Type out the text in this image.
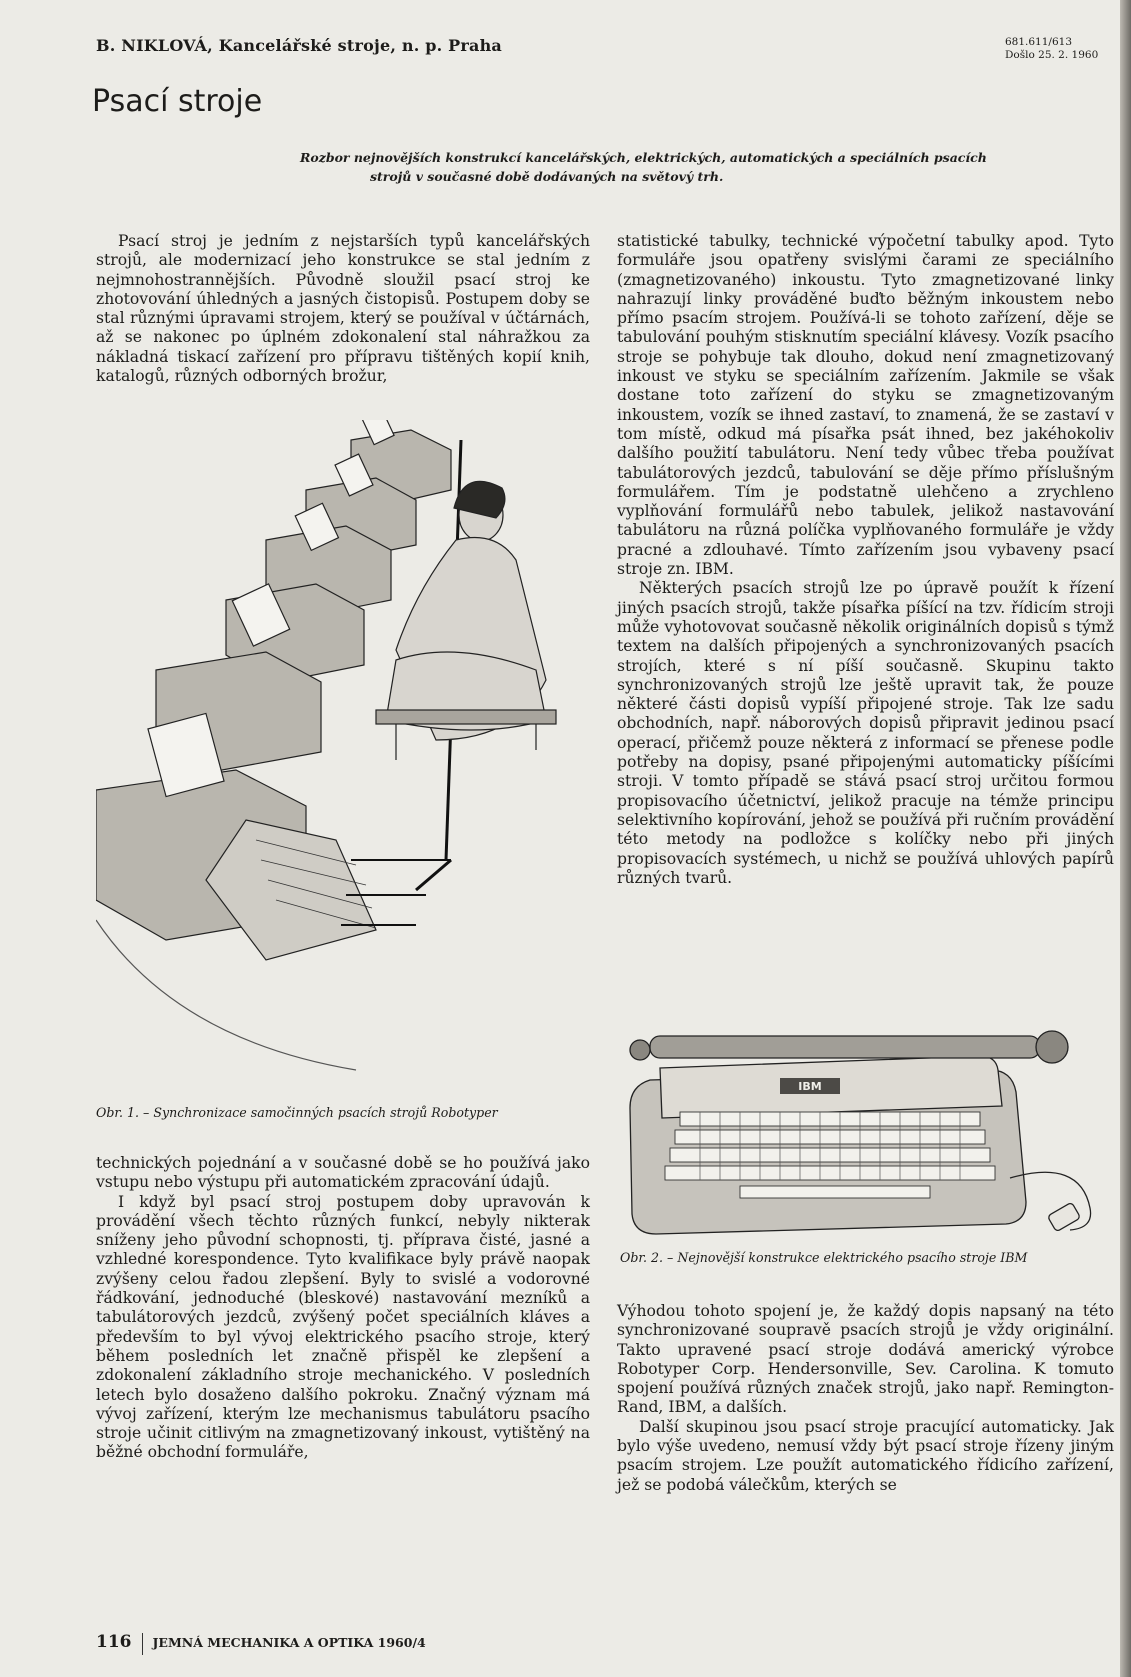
B. NIKLOVÁ, Kancelářské stroje, n. p. Praha	681.611/613
Došlo 25. 2. 1960
Psací stroje
Rozbor nejnovějších konstrukcí kancelářských, elektrických, automatických a speciálních psacích
strojů v současné době dodávaných na světový trh.

Psací stroj je jedním z nejstarších typů kancelářských strojů, ale modernizací jeho konstrukce se stal jedním z nejmnohostrannějších. Původně sloužil psací stroj ke zhotovování úhledných a jasných čistopisů. Postupem doby se stal různými úpravami strojem, který se používal v účtárnách, až se nakonec po úplném zdokonalení stal náhražkou za nákladná tiskací zařízení pro přípravu tištěných kopií knih, katalogů, různých odborných brožur,

Obr. 1. – Synchronizace samočinných psacích strojů Robotyper

technických pojednání a v současné době se ho používá jako vstupu nebo výstupu při automatickém zpracování údajů.

I když byl psací stroj postupem doby upravován k provádění všech těchto různých funkcí, nebyly nikterak sníženy jeho původní schopnosti, tj. příprava čisté, jasné a vzhledné korespondence. Tyto kvalifikace byly právě naopak zvýšeny celou řadou zlepšení. Byly to svislé a vodorovné řádkování, jednoduché (bleskové) nastavování mezníků a tabulátorových jezdců, zvýšený počet speciálních kláves a především to byl vývoj elektrického psacího stroje, který během posledních let značně přispěl ke zlepšení a zdokonalení základního stroje mechanického. V posledních letech bylo dosaženo dalšího pokroku. Značný význam má vývoj zařízení, kterým lze mechanismus tabulátoru psacího stroje učinit citlivým na zmagnetizovaný inkoust, vytištěný na běžné obchodní formuláře,

statistické tabulky, technické výpočetní tabulky apod. Tyto formuláře jsou opatřeny svislými čarami ze speciálního (zmagnetizovaného) inkoustu. Tyto zmagnetizované linky nahrazují linky prováděné buďto běžným inkoustem nebo přímo psacím strojem. Používá-li se tohoto zařízení, děje se tabulování pouhým stisknutím speciální klávesy. Vozík psacího stroje se pohybuje tak dlouho, dokud není zmagnetizovaný inkoust ve styku se speciálním zařízením. Jakmile se však dostane toto zařízení do styku se zmagnetizovaným inkoustem, vozík se ihned zastaví, to znamená, že se zastaví v tom místě, odkud má písařka psát ihned, bez jakéhokoliv dalšího použití tabulátoru. Není tedy vůbec třeba používat tabulátorových jezdců, tabulování se děje přímo příslušným formulářem. Tím je podstatně ulehčeno a zrychleno vyplňování formulářů nebo tabulek, jelikož nastavování tabulátoru na různá políčka vyplňovaného formuláře je vždy pracné a zdlouhavé. Tímto zařízením jsou vybaveny psací stroje zn. IBM.

Některých psacích strojů lze po úpravě použít k řízení jiných psacích strojů, takže písařka píšící na tzv. řídicím stroji může vyhotovovat současně několik originálních dopisů s týmž textem na dalších připojených a synchronizovaných psacích strojích, které s ní píší současně. Skupinu takto synchronizovaných strojů lze ještě upravit tak, že pouze některé části dopisů vypíší připojené stroje. Tak lze sadu obchodních, např. náborových dopisů připravit jedinou psací operací, přičemž pouze některá z informací se přenese podle potřeby na dopisy, psané připojenými automaticky píšícími stroji. V tomto případě se stává psací stroj určitou formou propisovacího účetnictví, jelikož pracuje na témže principu selektivního kopírování, jehož se používá při ručním provádění této metody na podložce s kolíčky nebo při jiných propisovacích systémech, u nichž se používá uhlových papírů různých tvarů.

IBM
Obr. 2. – Nejnovější konstrukce elektrického psacího stroje IBM

Výhodou tohoto spojení je, že každý dopis napsaný na této synchronizované soupravě psacích strojů je vždy originální. Takto upravené psací stroje dodává americký výrobce Robotyper Corp. Hendersonville, Sev. Carolina. K tomuto spojení používá různých značek strojů, jako např. Remington-Rand, IBM, a dalších.

Další skupinou jsou psací stroje pracující automaticky. Jak bylo výše uvedeno, nemusí vždy být psací stroje řízeny jiným psacím strojem. Lze použít automatického řídicího zařízení, jež se podobá válečkům, kterých se

116 JEMNÁ MECHANIKA A OPTIKA 1960/4
